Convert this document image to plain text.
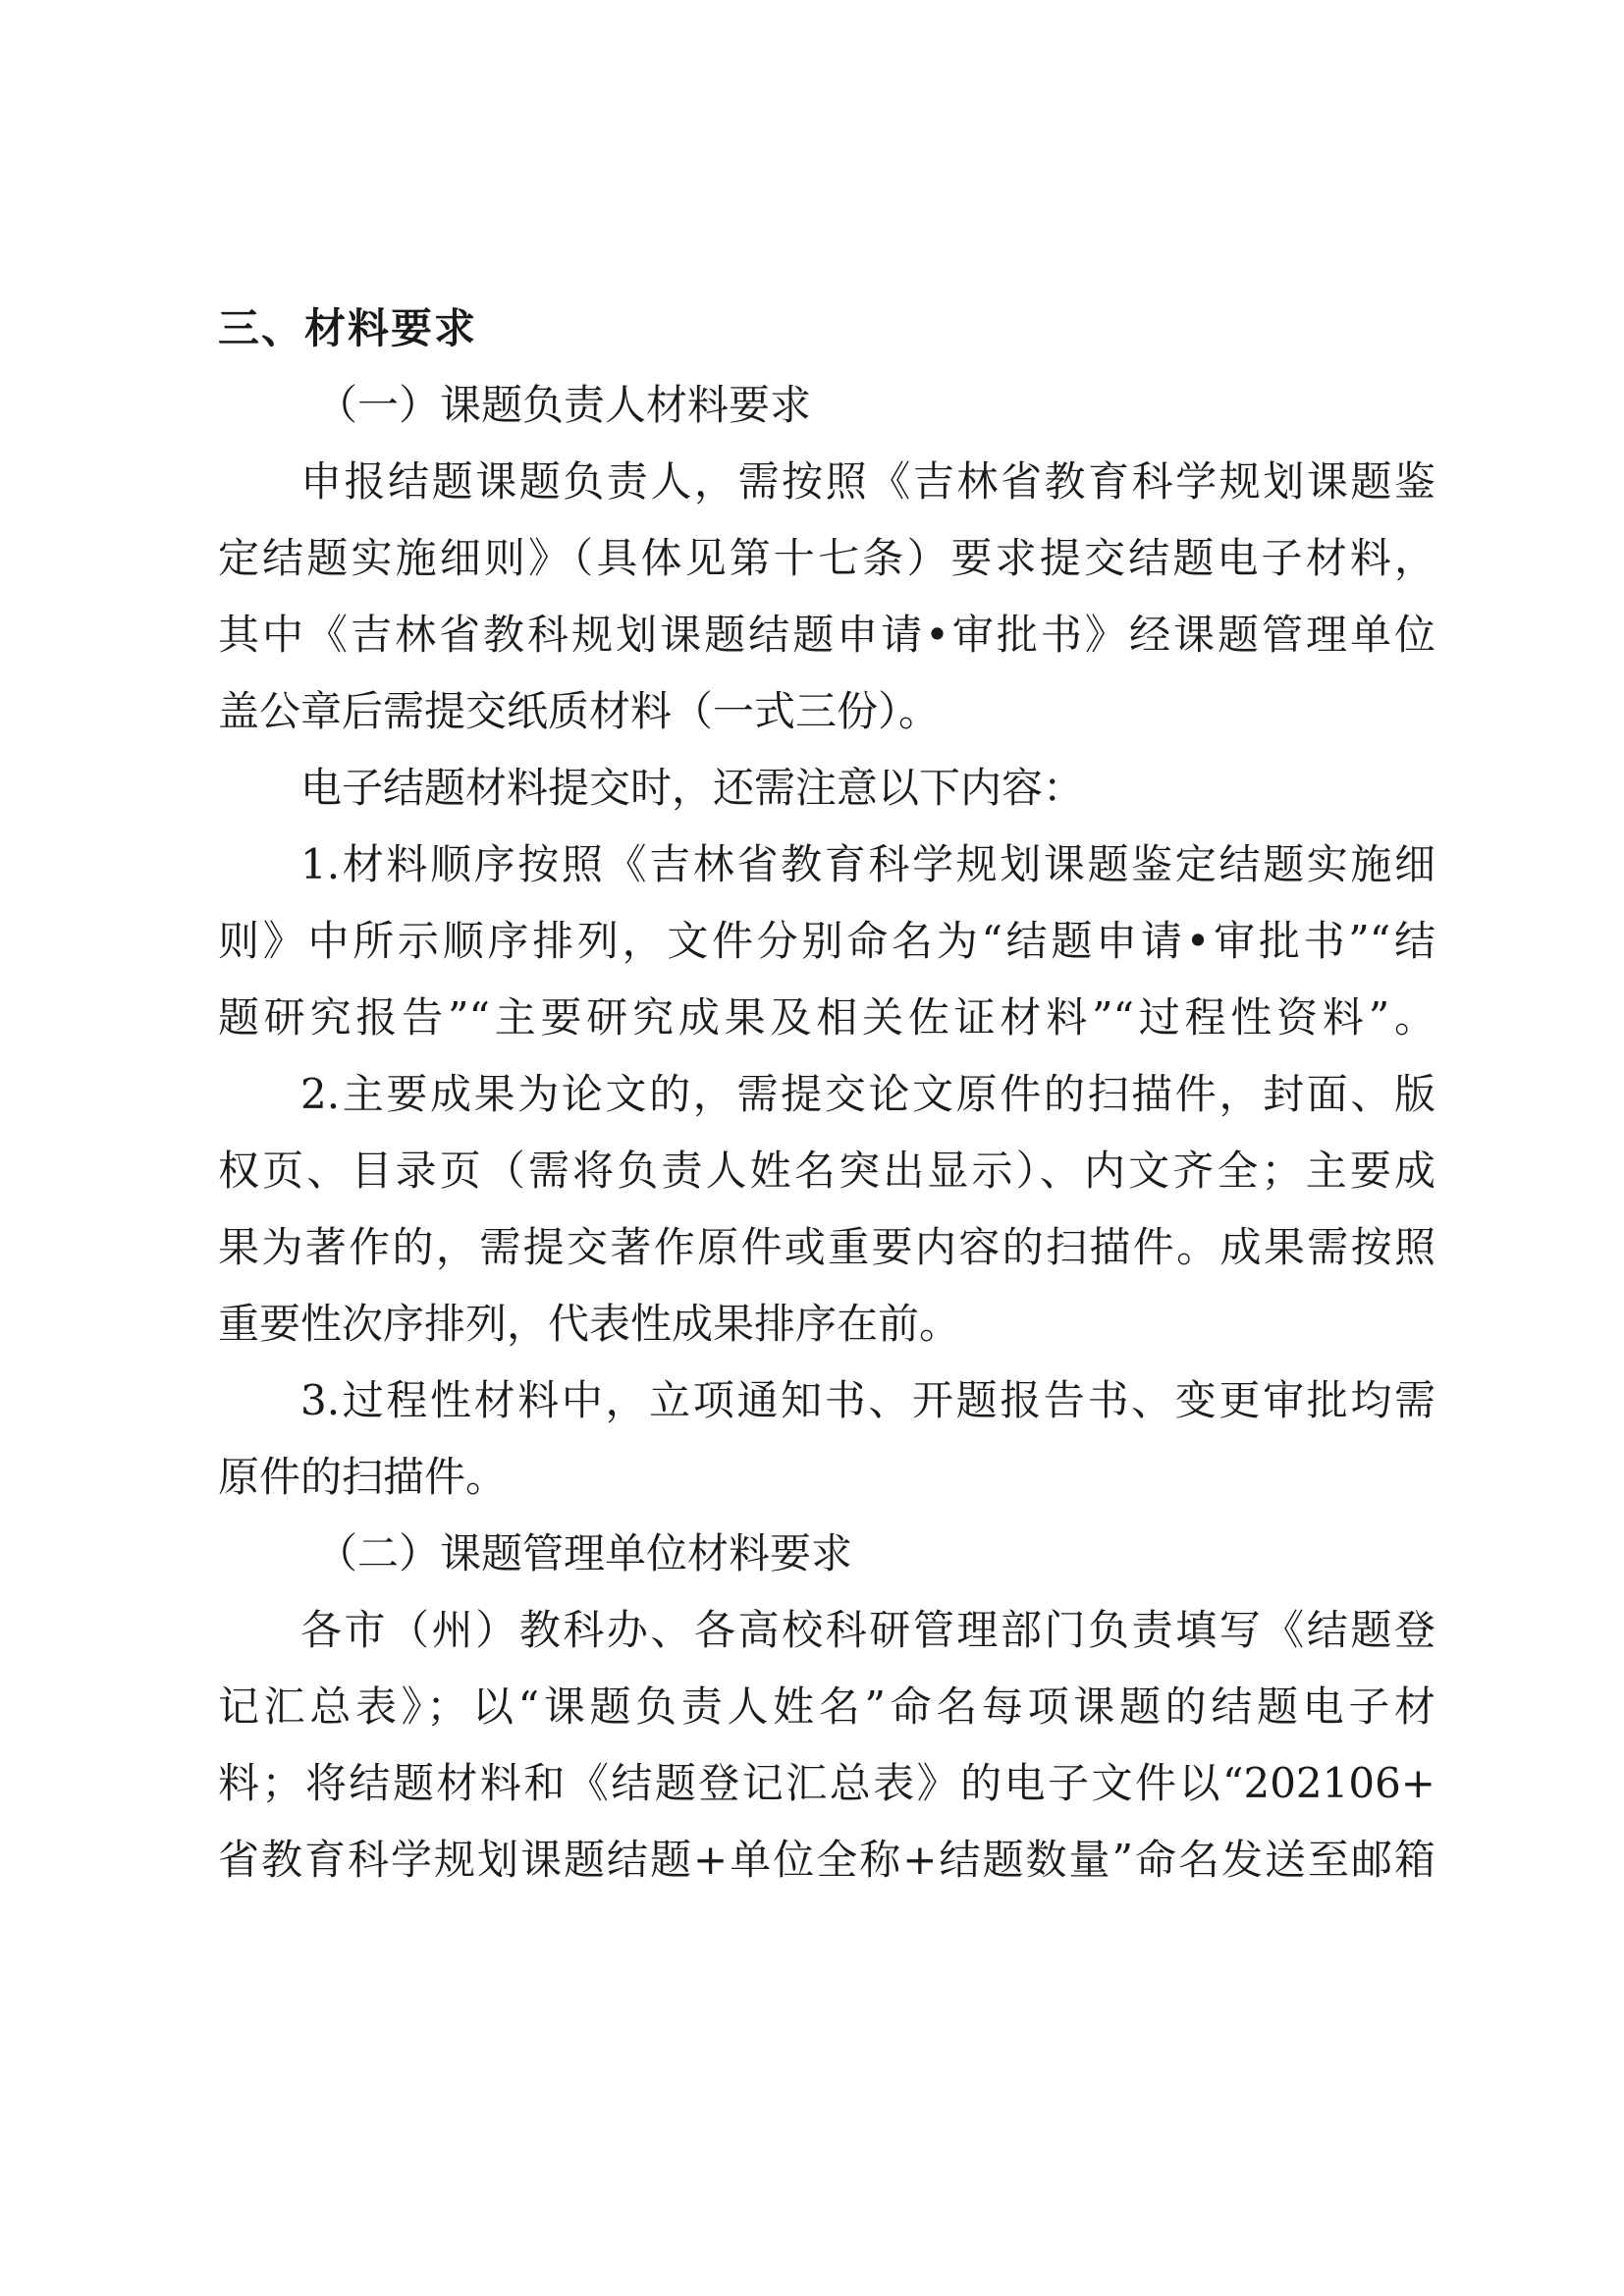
三、材料要求
（一）课题负责人材料要求
申报结题课题负责人，需按照《吉林省教育科学规划课题鉴
定结题实施细则》（具体见第十七条）要求提交结题电子材料，
其中《吉林省教科规划课题结题申请•审批书》经课题管理单位
盖公章后需提交纸质材料（一式三份）。
电子结题材料提交时，还需注意以下内容：
1.材料顺序按照《吉林省教育科学规划课题鉴定结题实施细
则》中所示顺序排列，文件分别命名为“结题申请•审批书”“结
题研究报告”“主要研究成果及相关佐证材料”“过程性资料”。
2.主要成果为论文的，需提交论文原件的扫描件，封面、版
权页、目录页（需将负责人姓名突出显示）、内文齐全；主要成
果为著作的，需提交著作原件或重要内容的扫描件。成果需按照
重要性次序排列，代表性成果排序在前。
3.过程性材料中，立项通知书、开题报告书、变更审批均需
原件的扫描件。
（二）课题管理单位材料要求
各市（州）教科办、各高校科研管理部门负责填写《结题登
记汇总表》；以“课题负责人姓名”命名每项课题的结题电子材
料；将结题材料和《结题登记汇总表》的电子文件以“202106+
省教育科学规划课题结题+单位全称+结题数量”命名发送至邮箱
